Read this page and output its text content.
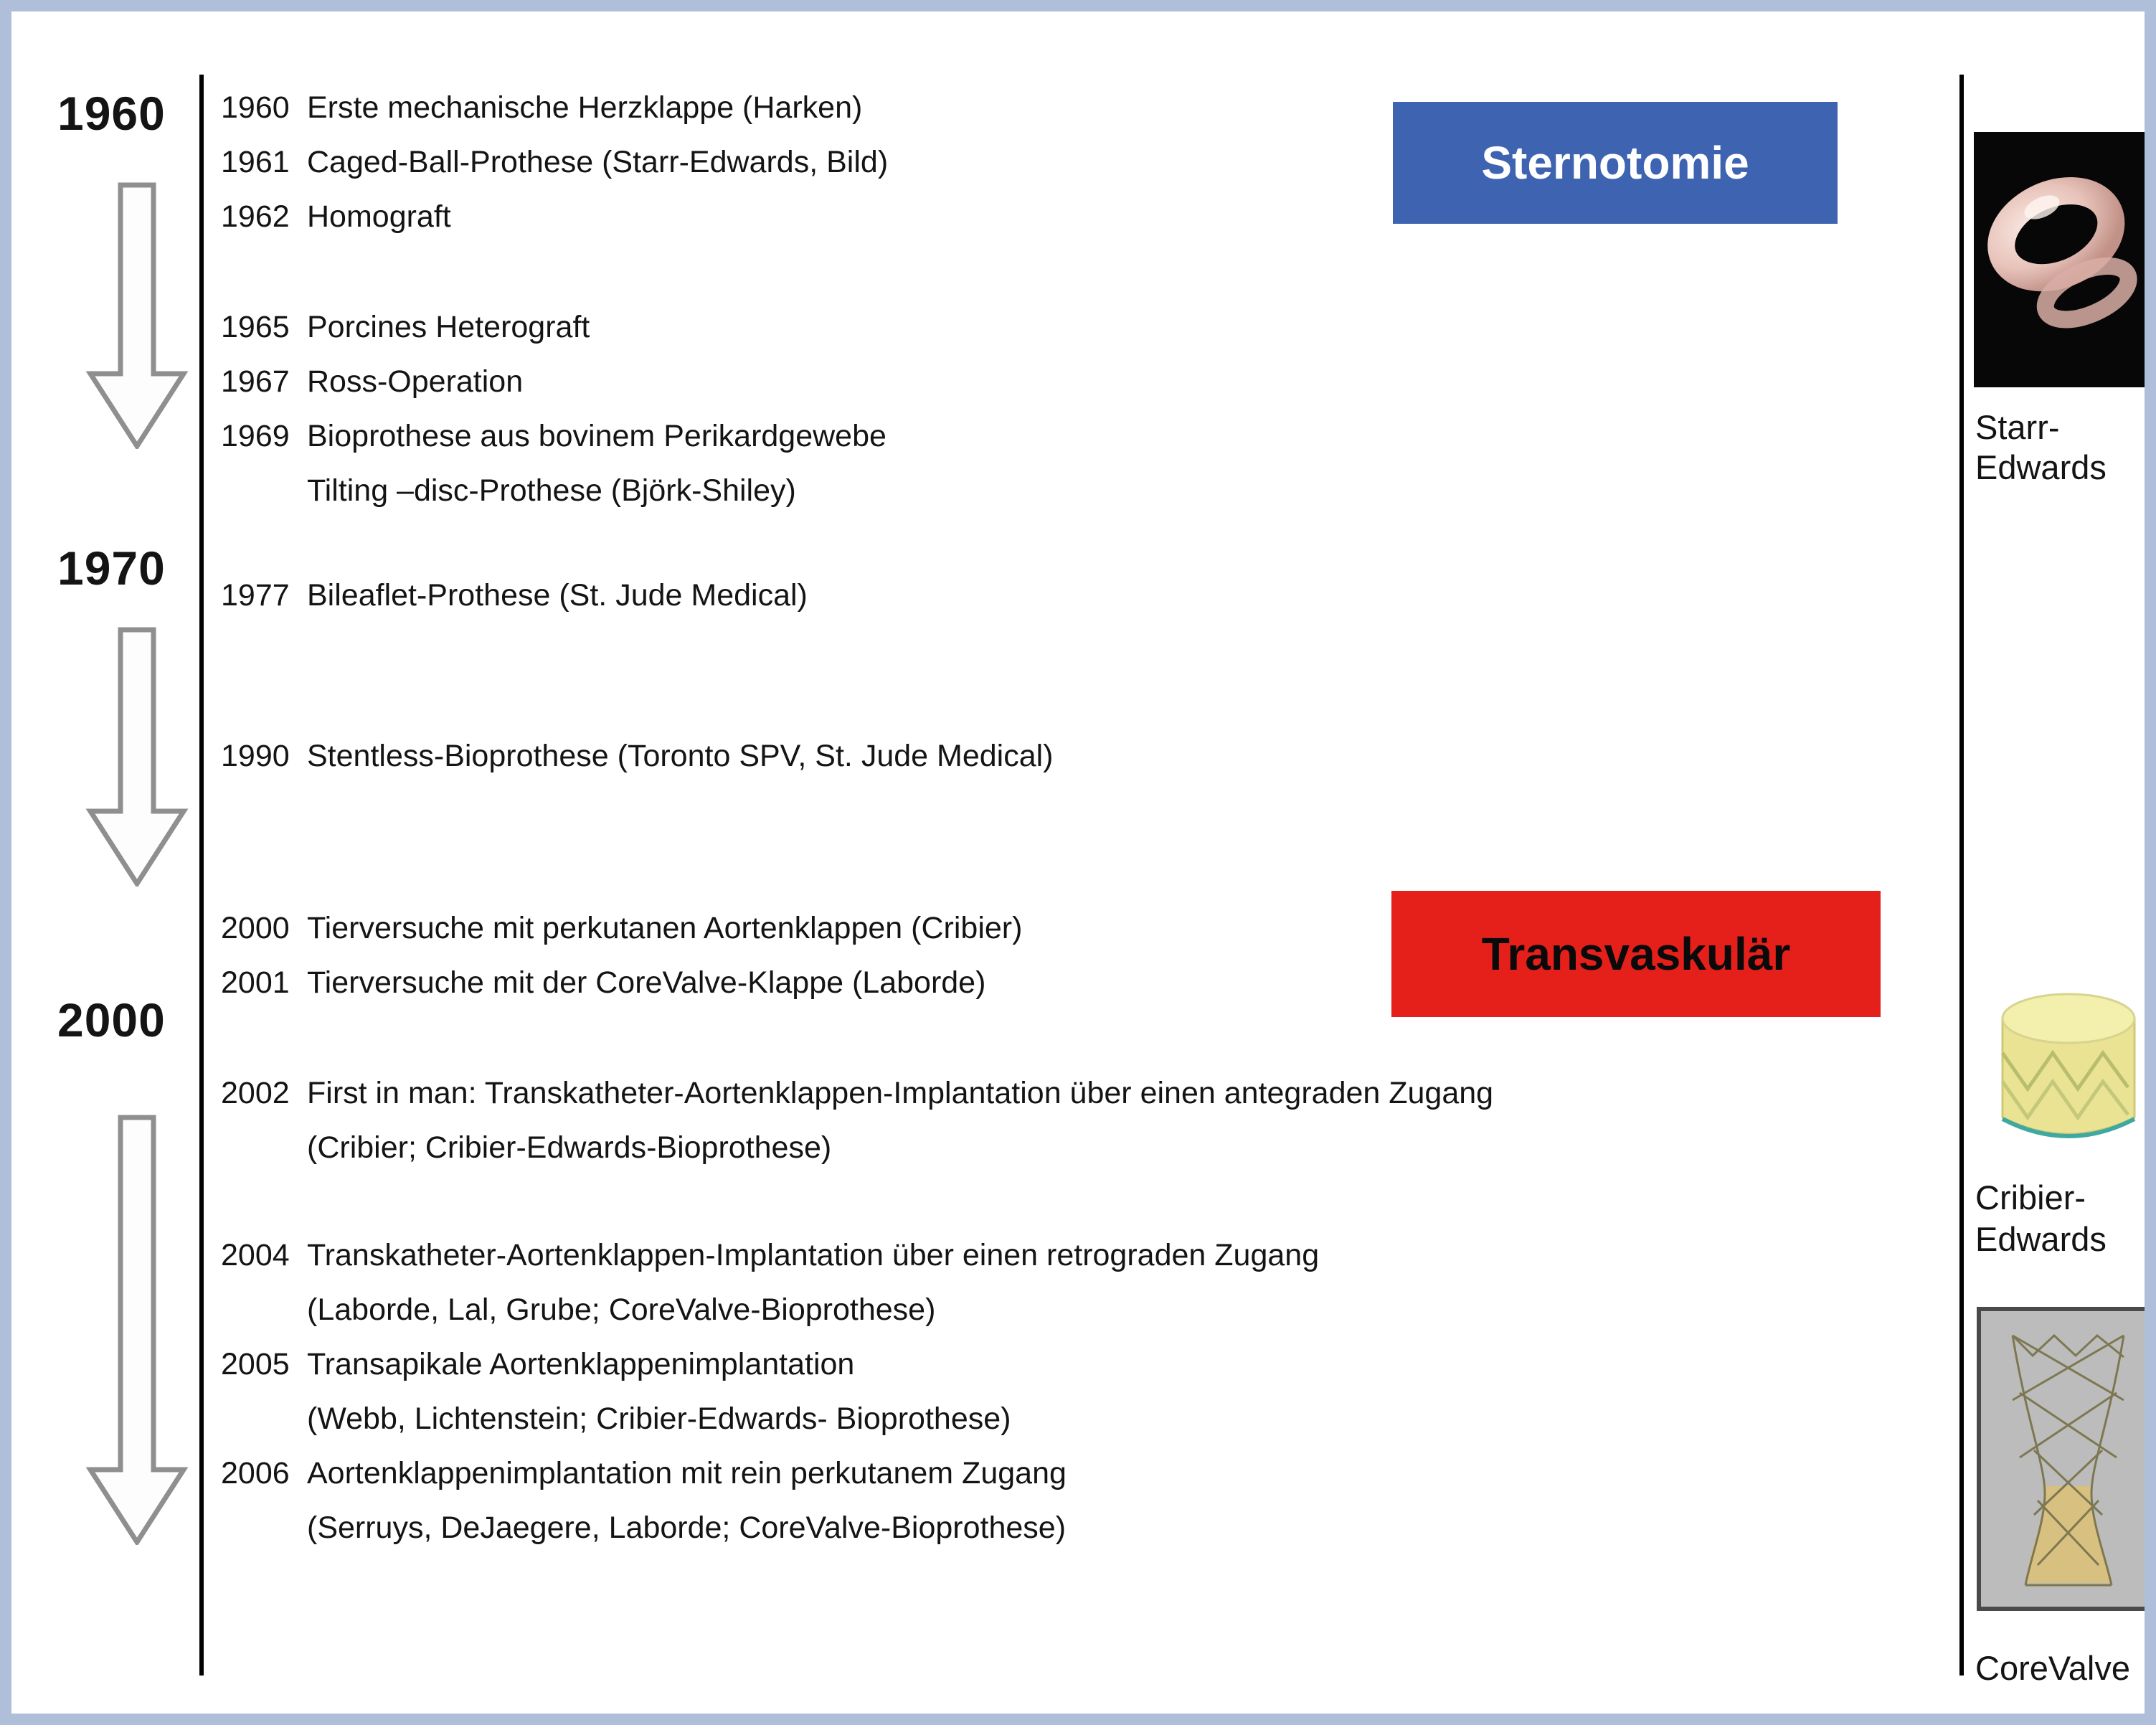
1960
1970
2000
1960 Erste mechanische Herzklappe (Harken)
1961 Caged-Ball-Prothese (Starr-Edwards, Bild)
1962 Homograft
1965 Porcines Heterograft
1967 Ross-Operation
1969 Bioprothese aus bovinem Perikardgewebe
Tilting –disc-Prothese (Björk-Shiley)
1977 Bileaflet-Prothese (St. Jude Medical)
1990 Stentless-Bioprothese (Toronto SPV, St. Jude Medical)
2000 Tierversuche mit perkutanen Aortenklappen (Cribier)
2001 Tierversuche mit der CoreValve-Klappe (Laborde)
2002 First in man: Transkatheter-Aortenklappen-Implantation über einen antegraden Zugang
(Cribier; Cribier-Edwards-Bioprothese)
2004 Transkatheter-Aortenklappen-Implantation über einen retrograden Zugang
(Laborde, Lal, Grube; CoreValve-Bioprothese)
2005 Transapikale Aortenklappenimplantation
(Webb, Lichtenstein; Cribier-Edwards- Bioprothese)
2006 Aortenklappenimplantation mit rein perkutanem Zugang
(Serruys, DeJaegere, Laborde; CoreValve-Bioprothese)
Sternotomie
Transvaskulär
Starr-Edwards
Cribier-
Edwards
CoreValve
